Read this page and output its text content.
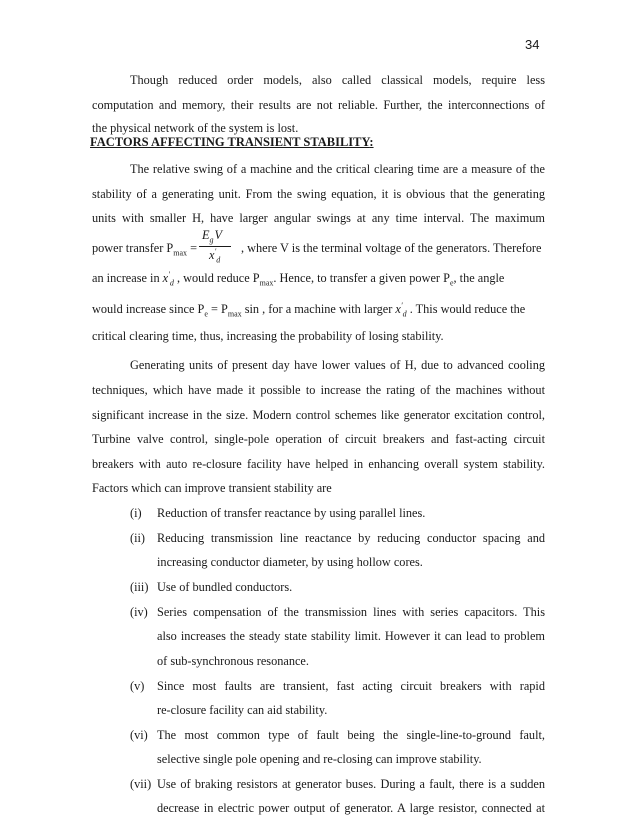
34
Though reduced order models, also called classical models, require less
computation and memory, their results are not reliable. Further, the interconnections of
the physical network of the system is lost.
FACTORS AFFECTING TRANSIENT STABILITY:
The relative swing of a machine and the critical clearing time are a measure of the
stability of a generating unit. From the swing equation, it is obvious that the generating
units with smaller H, have larger angular swings at any time interval. The maximum
power transfer $P_{max}$ =
$E_g$ V
$x'_d$
, where V is the terminal voltage of the generators. Therefore
an increase in $x'_d$ , would reduce $P_{max}$. Hence, to transfer a given power $P_e$, the angle
would increase since $P_e = P_{max}$ sin , for a machine with larger $x'_d$ . This would reduce the
critical clearing time, thus, increasing the probability of losing stability.
Generating units of present day have lower values of H, due to advanced cooling
techniques, which have made it possible to increase the rating of the machines without
significant increase in the size. Modern control schemes like generator excitation control,
Turbine valve control, single-pole operation of circuit breakers and fast-acting circuit
breakers with auto re-closure facility have helped in enhancing overall system stability.
Factors which can improve transient stability are
(i) Reduction of transfer reactance by using parallel lines.
(ii) Reducing transmission line reactance by reducing conductor spacing and
increasing conductor diameter, by using hollow cores.
(iii) Use of bundled conductors.
(iv) Series compensation of the transmission lines with series capacitors. This
also increases the steady state stability limit. However it can lead to problem
of sub-synchronous resonance.
(v) Since most faults are transient, fast acting circuit breakers with rapid
re-closure facility can aid stability.
(vi) The most common type of fault being the single-line-to-ground fault,
selective single pole opening and re-closing can improve stability.
(vii) Use of braking resistors at generator buses. During a fault, there is a sudden
decrease in electric power output of generator. A large resistor, connected at
